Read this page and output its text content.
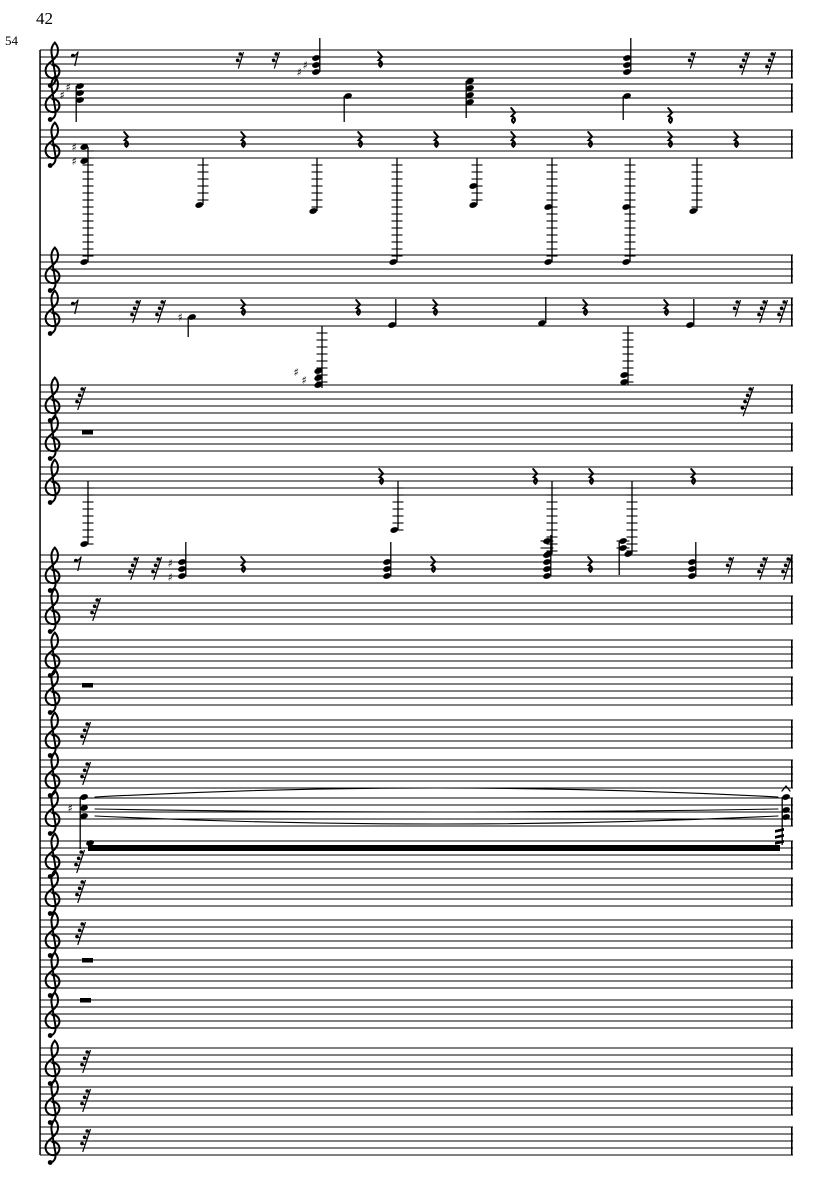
42
54
♯
♯
♯
♯
♯
♯
♯
♯
♯
♯
♯
♯
